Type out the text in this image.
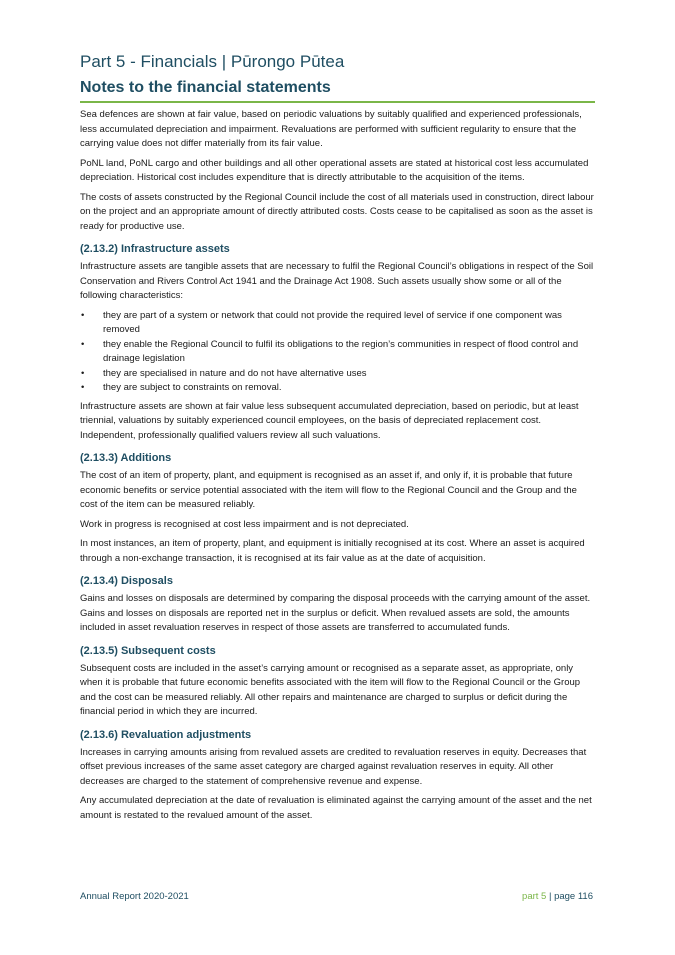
Part 5 - Financials | Pūrongo Pūtea
Notes to the financial statements

Sea defences are shown at fair value, based on periodic valuations by suitably qualified and experienced professionals, less accumulated depreciation and impairment. Revaluations are performed with sufficient regularity to ensure that the carrying value does not differ materially from its fair value.

PoNL land, PoNL cargo and other buildings and all other operational assets are stated at historical cost less accumulated depreciation. Historical cost includes expenditure that is directly attributable to the acquisition of the items.

The costs of assets constructed by the Regional Council include the cost of all materials used in construction, direct labour on the project and an appropriate amount of directly attributed costs. Costs cease to be capitalised as soon as the asset is ready for productive use.

(2.13.2) Infrastructure assets

Infrastructure assets are tangible assets that are necessary to fulfil the Regional Council’s obligations in respect of the Soil Conservation and Rivers Control Act 1941 and the Drainage Act 1908. Such assets usually show some or all of the following characteristics:

• they are part of a system or network that could not provide the required level of service if one component was removed
• they enable the Regional Council to fulfil its obligations to the region’s communities in respect of flood control and drainage legislation
• they are specialised in nature and do not have alternative uses
• they are subject to constraints on removal.

Infrastructure assets are shown at fair value less subsequent accumulated depreciation, based on periodic, but at least triennial, valuations by suitably experienced council employees, on the basis of depreciated replacement cost. Independent, professionally qualified valuers review all such valuations.

(2.13.3) Additions

The cost of an item of property, plant, and equipment is recognised as an asset if, and only if, it is probable that future economic benefits or service potential associated with the item will flow to the Regional Council and the Group and the cost of the item can be measured reliably.

Work in progress is recognised at cost less impairment and is not depreciated.

In most instances, an item of property, plant, and equipment is initially recognised at its cost. Where an asset is acquired through a non-exchange transaction, it is recognised at its fair value as at the date of acquisition.

(2.13.4) Disposals

Gains and losses on disposals are determined by comparing the disposal proceeds with the carrying amount of the asset. Gains and losses on disposals are reported net in the surplus or deficit. When revalued assets are sold, the amounts included in asset revaluation reserves in respect of those assets are transferred to accumulated funds.

(2.13.5) Subsequent costs

Subsequent costs are included in the asset’s carrying amount or recognised as a separate asset, as appropriate, only when it is probable that future economic benefits associated with the item will flow to the Regional Council or the Group and the cost can be measured reliably. All other repairs and maintenance are charged to surplus or deficit during the financial period in which they are incurred.

(2.13.6) Revaluation adjustments

Increases in carrying amounts arising from revalued assets are credited to revaluation reserves in equity. Decreases that offset previous increases of the same asset category are charged against revaluation reserves in equity. All other decreases are charged to the statement of comprehensive revenue and expense.

Any accumulated depreciation at the date of revaluation is eliminated against the carrying amount of the asset and the net amount is restated to the revalued amount of the asset.

Annual Report 2020-2021	part 5 | page 116
